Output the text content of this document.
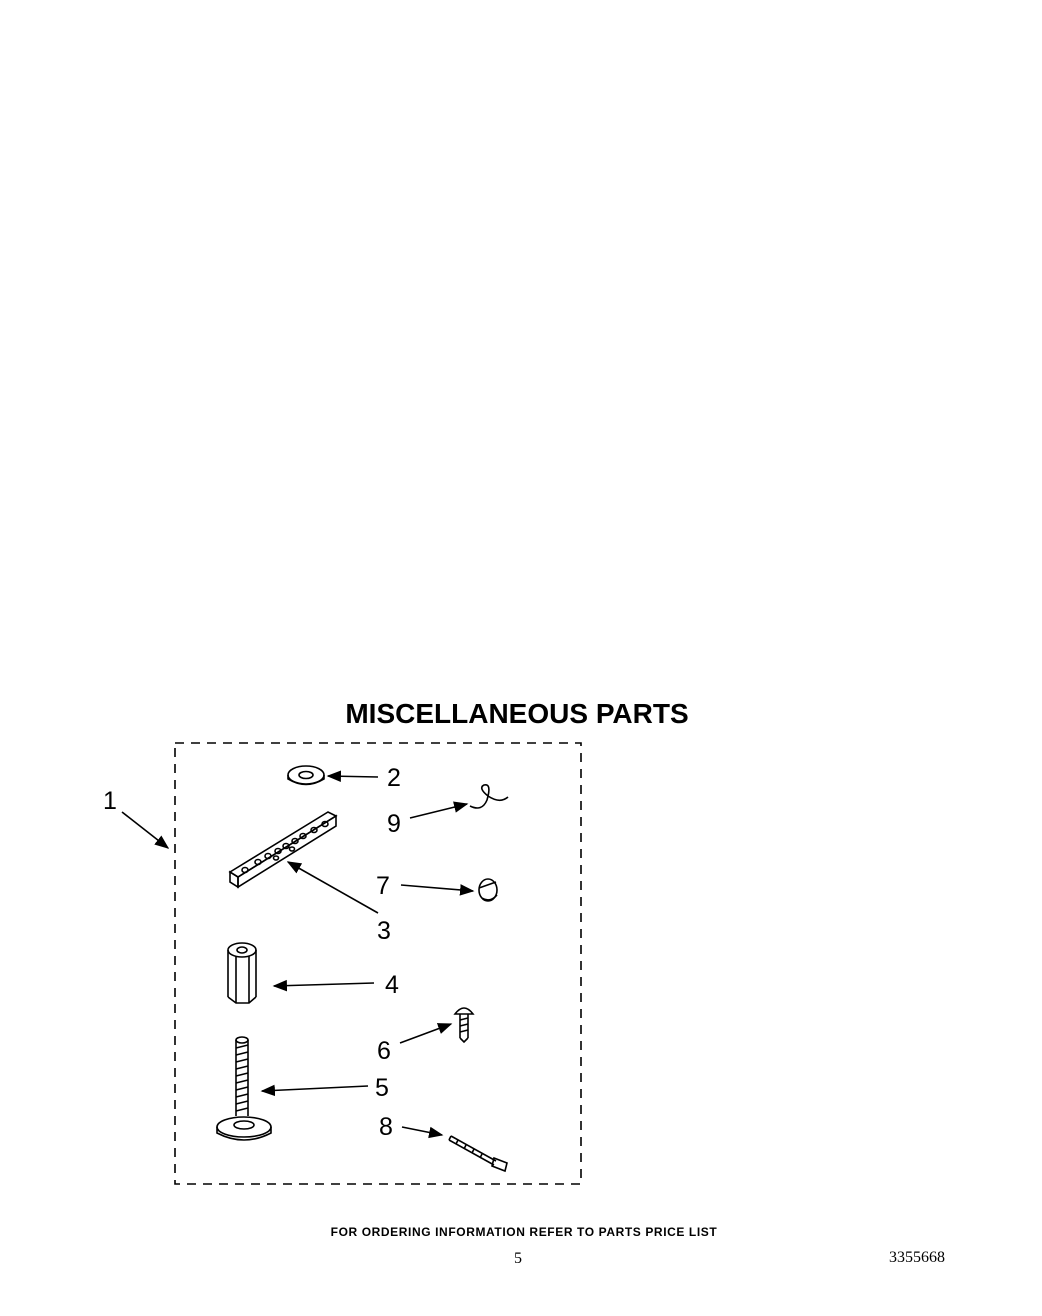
MISCELLANEOUS PARTS
1
2
9
3
7
4
6
5
8
FOR ORDERING INFORMATION REFER TO PARTS PRICE LIST
5	3355668
